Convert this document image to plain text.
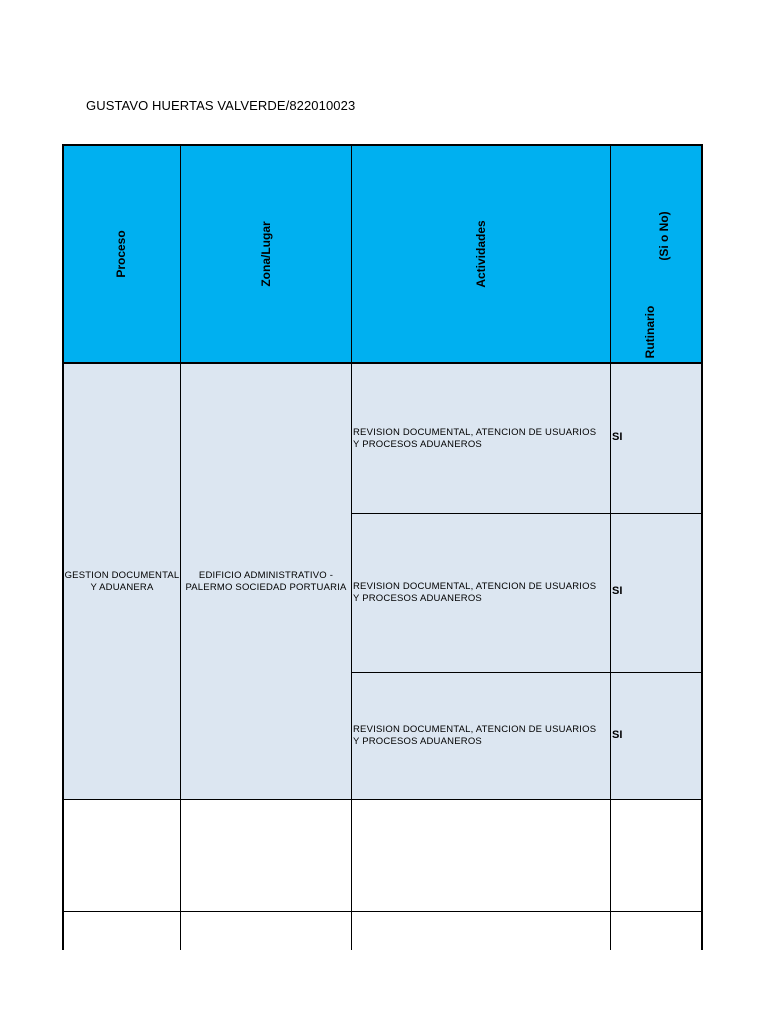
GUSTAVO HUERTAS VALVERDE/822010023
Proceso	Zona/Lugar	Actividades
Rutinario
(Si o No)
GESTION DOCUMENTAL Y ADUANERA
EDIFICIO ADMINISTRATIVO - PALERMO SOCIEDAD PORTUARIA
REVISION DOCUMENTAL, ATENCION DE USUARIOS Y PROCESOS ADUANEROS
SI
REVISION DOCUMENTAL, ATENCION DE USUARIOS Y PROCESOS ADUANEROS
SI
REVISION DOCUMENTAL, ATENCION DE USUARIOS Y PROCESOS ADUANEROS
SI
